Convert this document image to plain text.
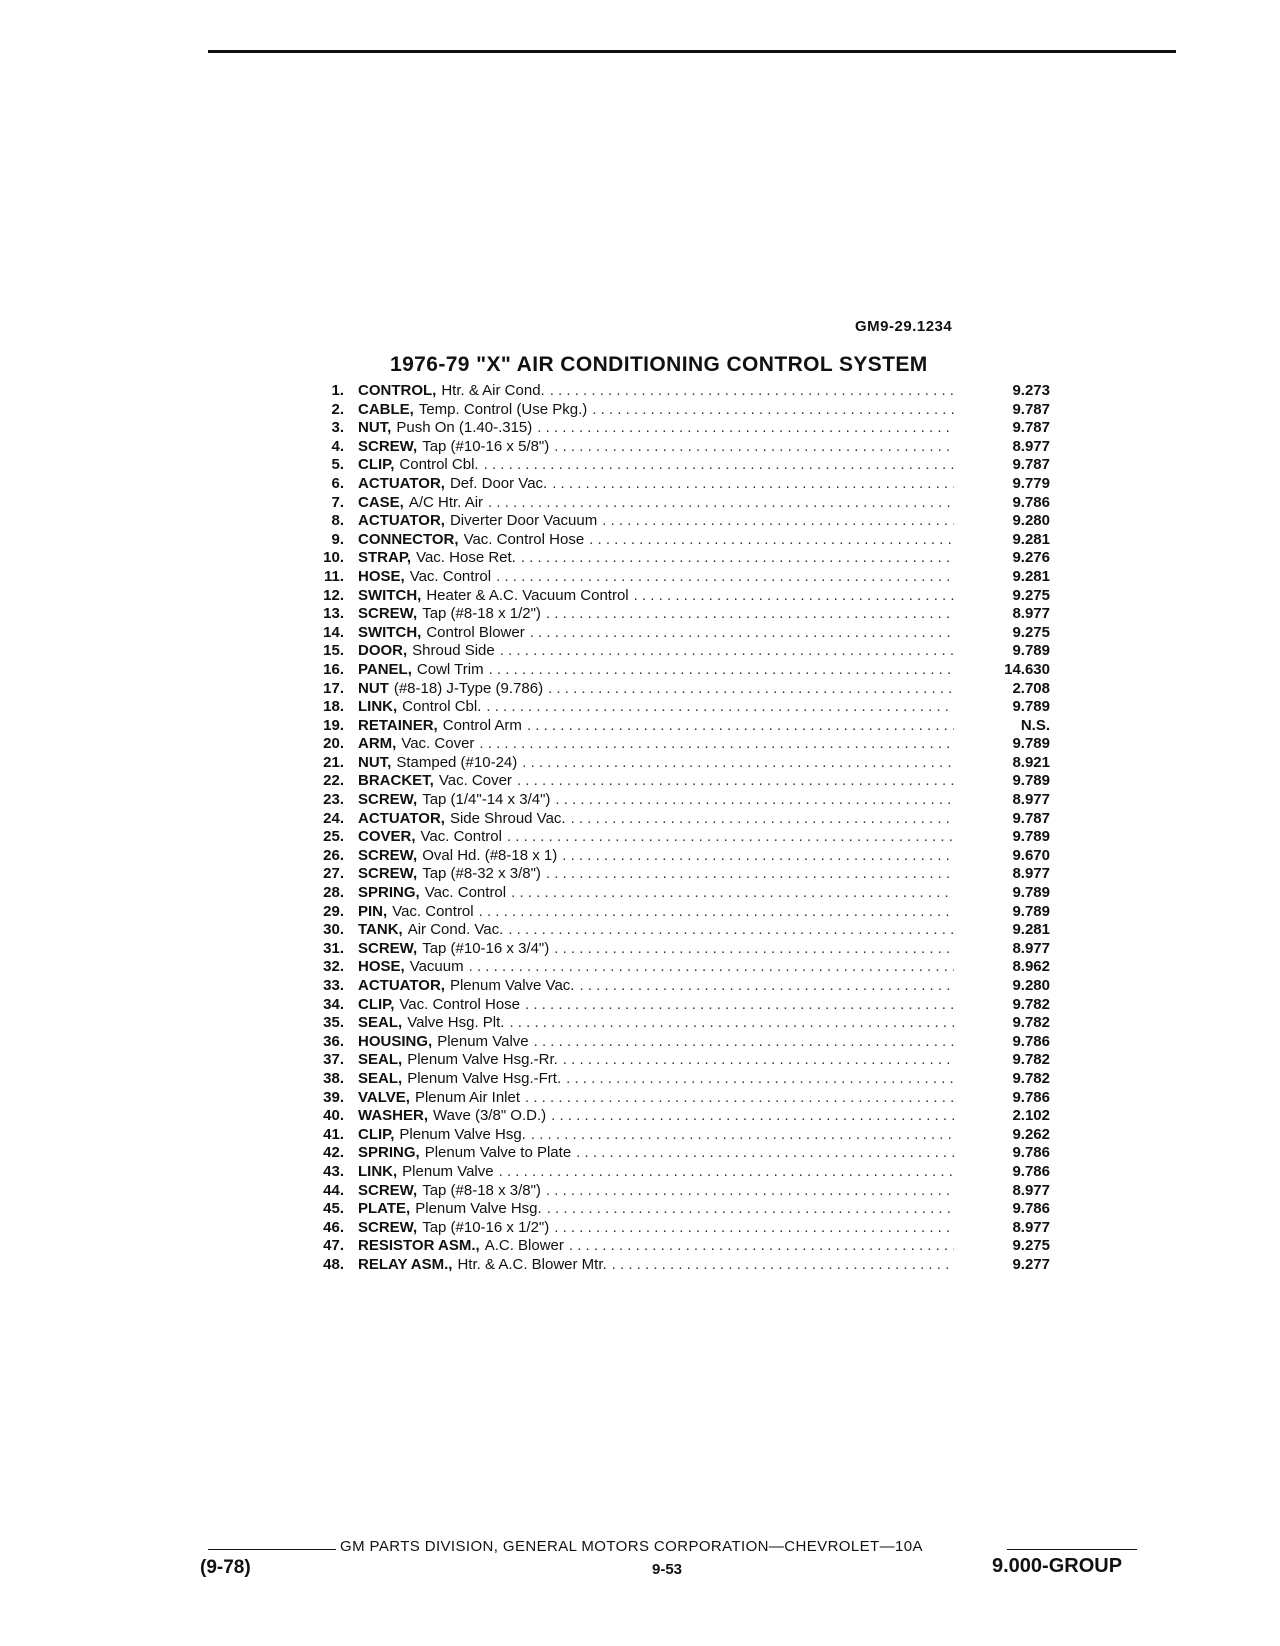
GM9-29.1234
1976-79 "X" AIR CONDITIONING CONTROL SYSTEM
1. CONTROL, Htr. & Air Cond. . . .	9.273
2. CABLE, Temp. Control (Use Pkg.) . . .	9.787
3. NUT, Push On (1.40-.315) . . .	9.787
4. SCREW, Tap (#10-16 x 5/8") . . .	8.977
5. CLIP, Control Cbl. . . .	9.787
6. ACTUATOR, Def. Door Vac. . . .	9.779
7. CASE, A/C Htr. Air . . .	9.786
8. ACTUATOR, Diverter Door Vacuum . . .	9.280
9. CONNECTOR, Vac. Control Hose . . .	9.281
10. STRAP, Vac. Hose Ret. . . .	9.276
11. HOSE, Vac. Control . . .	9.281
12. SWITCH, Heater & A.C. Vacuum Control . . .	9.275
13. SCREW, Tap (#8-18 x 1/2") . . .	8.977
14. SWITCH, Control Blower . . .	9.275
15. DOOR, Shroud Side . . .	9.789
16. PANEL, Cowl Trim . . .	14.630
17. NUT (#8-18) J-Type (9.786) . . .	2.708
18. LINK, Control Cbl. . . .	9.789
19. RETAINER, Control Arm . . .	N.S.
20. ARM, Vac. Cover . . .	9.789
21. NUT, Stamped (#10-24) . . .	8.921
22. BRACKET, Vac. Cover . . .	9.789
23. SCREW, Tap (1/4"-14 x 3/4") . . .	8.977
24. ACTUATOR, Side Shroud Vac. . . .	9.787
25. COVER, Vac. Control . . .	9.789
26. SCREW, Oval Hd. (#8-18 x 1) . . .	9.670
27. SCREW, Tap (#8-32 x 3/8") . . .	8.977
28. SPRING, Vac. Control . . .	9.789
29. PIN, Vac. Control . . .	9.789
30. TANK, Air Cond. Vac. . . .	9.281
31. SCREW, Tap (#10-16 x 3/4") . . .	8.977
32. HOSE, Vacuum . . .	8.962
33. ACTUATOR, Plenum Valve Vac. . . .	9.280
34. CLIP, Vac. Control Hose . . .	9.782
35. SEAL, Valve Hsg. Plt. . . .	9.782
36. HOUSING, Plenum Valve . . .	9.786
37. SEAL, Plenum Valve Hsg.-Rr. . . .	9.782
38. SEAL, Plenum Valve Hsg.-Frt. . . .	9.782
39. VALVE, Plenum Air Inlet . . .	9.786
40. WASHER, Wave (3/8" O.D.) . . .	2.102
41. CLIP, Plenum Valve Hsg. . . .	9.262
42. SPRING, Plenum Valve to Plate . . .	9.786
43. LINK, Plenum Valve . . .	9.786
44. SCREW, Tap (#8-18 x 3/8") . . .	8.977
45. PLATE, Plenum Valve Hsg. . . .	9.786
46. SCREW, Tap (#10-16 x 1/2") . . .	8.977
47. RESISTOR ASM., A.C. Blower . . .	9.275
48. RELAY ASM., Htr. & A.C. Blower Mtr. . . .	9.277
GM PARTS DIVISION, GENERAL MOTORS CORPORATION—CHEVROLET—10A
(9-78)	9-53	9.000-GROUP
